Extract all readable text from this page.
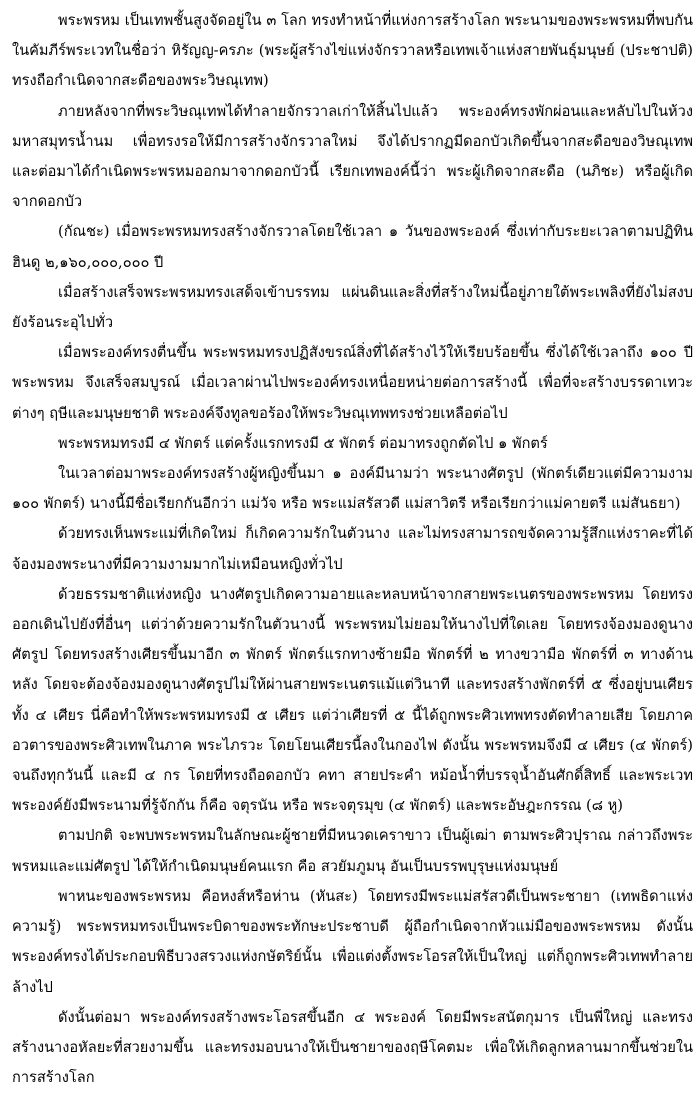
พระพรหม เป็นเทพชั้นสูงจัดอยู่ใน ๓ โลก ทรงทำหน้าที่แห่งการสร้างโลก พระนามของพระพรหมที่พบกันในคัมภีร์พระเวทในชื่อว่า หิรัญญ-ครภะ (พระผู้สร้างไข่แห่งจักรวาลหรือเทพเจ้าแห่งสายพันธุ์มนุษย์ (ประชาปติ) ทรงถือกำเนิดจากสะดือของพระวิษณุเทพ)

ภายหลังจากที่พระวิษณุเทพได้ทำลายจักรวาลเก่าให้สิ้นไปแล้ว พระองค์ทรงพักผ่อนและหลับไปในห้วงมหาสมุทรน้ำนม เพื่อทรงรอให้มีการสร้างจักรวาลใหม่ จึงได้ปรากฏมีดอกบัวเกิดขึ้นจากสะดือของวิษณุเทพ และต่อมาได้กำเนิดพระพรหมออกมาจากดอกบัวนี้ เรียกเทพองค์นี้ว่า พระผู้เกิดจากสะดือ (นภิชะ) หรือผู้เกิดจากดอกบัว

(กัณชะ) เมื่อพระพรหมทรงสร้างจักรวาลโดยใช้เวลา ๑ วันของพระองค์ ซึ่งเท่ากับระยะเวลาตามปฏิทินฮินดู ๒,๑๖๐,๐๐๐,๐๐๐ ปี

เมื่อสร้างเสร็จพระพรหมทรงเสด็จเข้าบรรทม แผ่นดินและสิ่งที่สร้างใหม่นี้อยู่ภายใต้พระเพลิงที่ยังไม่สงบยังร้อนระอุไปทั่ว

เมื่อพระองค์ทรงตื่นขึ้น พระพรหมทรงปฏิสังขรณ์สิ่งที่ได้สร้างไว้ให้เรียบร้อยขึ้น ซึ่งได้ใช้เวลาถึง ๑๐๐ ปี พระพรหม จึงเสร็จสมบูรณ์ เมื่อเวลาผ่านไปพระองค์ทรงเหนื่อยหน่ายต่อการสร้างนี้ เพื่อที่จะสร้างบรรดาเทวะต่างๆ ฤษีและมนุษยชาติ พระองค์จึงทูลขอร้องให้พระวิษณุเทพทรงช่วยเหลือต่อไป

พระพรหมทรงมี ๔ พักตร์ แต่ครั้งแรกทรงมี ๕ พักตร์ ต่อมาทรงถูกตัดไป ๑ พักตร์

ในเวลาต่อมาพระองค์ทรงสร้างผู้หญิงขึ้นมา ๑ องค์มีนามว่า พระนางศัตรูป (พักตร์เดียวแต่มีความงาม ๑๐๐ พักตร์) นางนี้มีชื่อเรียกกันอีกว่า แม่วัจ หรือ พระแม่สรัสวดี แม่สาวิตรี หรือเรียกว่าแม่คายตรี แม่สันธยา)

ด้วยทรงเห็นพระแม่ที่เกิดใหม่ ก็เกิดความรักในตัวนาง และไม่ทรงสามารถขจัดความรู้สึกแห่งราคะที่ได้จ้องมองพระนางที่มีความงามมากไม่เหมือนหญิงทั่วไป

ด้วยธรรมชาติแห่งหญิง นางศัตรูปเกิดความอายและหลบหน้าจากสายพระเนตรของพระพรหม โดยทรงออกเดินไปยังที่อื่นๆ แต่ว่าด้วยความรักในตัวนางนี้ พระพรหมไม่ยอมให้นางไปที่ใดเลย โดยทรงจ้องมองดูนางศัตรูป โดยทรงสร้างเศียรขึ้นมาอีก ๓ พักตร์ พักตร์แรกทางซ้ายมือ พักตร์ที่ ๒ ทางขวามือ พักตร์ที่ ๓ ทางด้านหลัง โดยจะต้องจ้องมองดูนางศัตรูปไม่ให้ผ่านสายพระเนตรแม้แต่วินาที และทรงสร้างพักตร์ที่ ๕ ซึ่งอยู่บนเศียรทั้ง ๔ เศียร นี่คือทำให้พระพรหมทรงมี ๕ เศียร แต่ว่าเศียรที่ ๕ นี้ได้ถูกพระศิวเทพทรงตัดทำลายเสีย โดยภาคอวตารของพระศิวเทพในภาค พระไภรวะ โดยโยนเศียรนี้ลงในกองไฟ ดังนั้น พระพรหมจึงมี ๔ เศียร (๔ พักตร์) จนถึงทุกวันนี้ และมี ๔ กร โดยที่ทรงถือดอกบัว คทา สายประคำ หม้อน้ำที่บรรจุน้ำอันศักดิ์สิทธิ์ และพระเวท พระองค์ยังมีพระนามที่รู้จักกัน ก็คือ จตุรนัน หรือ พระจตุรมุข (๔ พักตร์) และพระอัษฎะกรรณ (๘ หู)

ตามปกติ จะพบพระพรหมในลักษณะผู้ชายที่มีหนวดเคราขาว เป็นผู้เฒ่า ตามพระศิวปุราณ กล่าวถึงพระพรหมและแม่ศัตรูป ได้ให้กำเนิดมนุษย์คนแรก คือ สวยัมภูมนุ อันเป็นบรรพบุรุษแห่งมนุษย์

พาหนะของพระพรหม คือหงส์หรือห่าน (หันสะ) โดยทรงมีพระแม่สรัสวดีเป็นพระชายา (เทพธิดาแห่งความรู้) พระพรหมทรงเป็นพระบิดาของพระทักษะประชาบดี ผู้ถือกำเนิดจากหัวแม่มือของพระพรหม ดังนั้นพระองค์ทรงได้ประกอบพิธีบวงสรวงแห่งกษัตริย์นั้น เพื่อแต่งตั้งพระโอรสให้เป็นใหญ่ แต่ก็ถูกพระศิวเทพทำลายล้างไป

ดังนั้นต่อมา พระองค์ทรงสร้างพระโอรสขึ้นอีก ๔ พระองค์ โดยมีพระสนัตกุมาร เป็นพี่ใหญ่ และทรงสร้างนางอหัลยะที่สวยงามขึ้น และทรงมอบนางให้เป็นชายาของฤษีโคตมะ เพื่อให้เกิดลูกหลานมากขึ้นช่วยในการสร้างโลก
